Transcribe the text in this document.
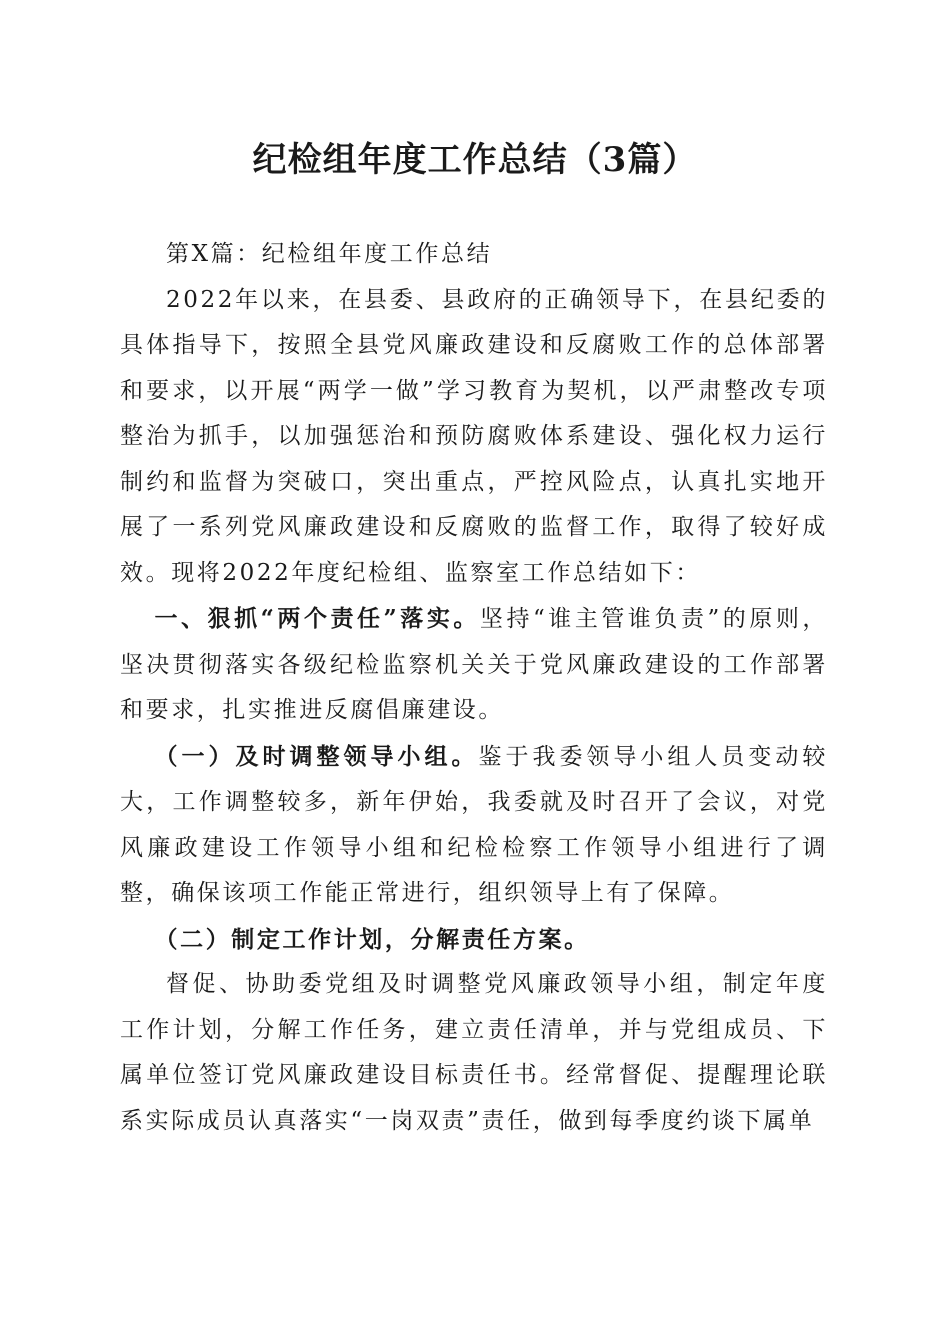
纪检组年度工作总结（3篇）

第X篇：纪检组年度工作总结

2022年以来，在县委、县政府的正确领导下，在县纪委的具体指导下，按照全县党风廉政建设和反腐败工作的总体部署和要求，以开展“两学一做”学习教育为契机，以严肃整改专项整治为抓手，以加强惩治和预防腐败体系建设、强化权力运行制约和监督为突破口，突出重点，严控风险点，认真扎实地开展了一系列党风廉政建设和反腐败的监督工作，取得了较好成效。现将2022年度纪检组、监察室工作总结如下：

一、狠抓“两个责任”落实。坚持“谁主管谁负责”的原则，坚决贯彻落实各级纪检监察机关关于党风廉政建设的工作部署和要求，扎实推进反腐倡廉建设。

（一）及时调整领导小组。鉴于我委领导小组人员变动较大，工作调整较多，新年伊始，我委就及时召开了会议，对党风廉政建设工作领导小组和纪检检察工作领导小组进行了调整，确保该项工作能正常进行，组织领导上有了保障。

（二）制定工作计划，分解责任方案。

督促、协助委党组及时调整党风廉政领导小组，制定年度工作计划，分解工作任务，建立责任清单，并与党组成员、下属单位签订党风廉政建设目标责任书。经常督促、提醒理论联系实际成员认真落实“一岗双责”责任，做到每季度约谈下属单
